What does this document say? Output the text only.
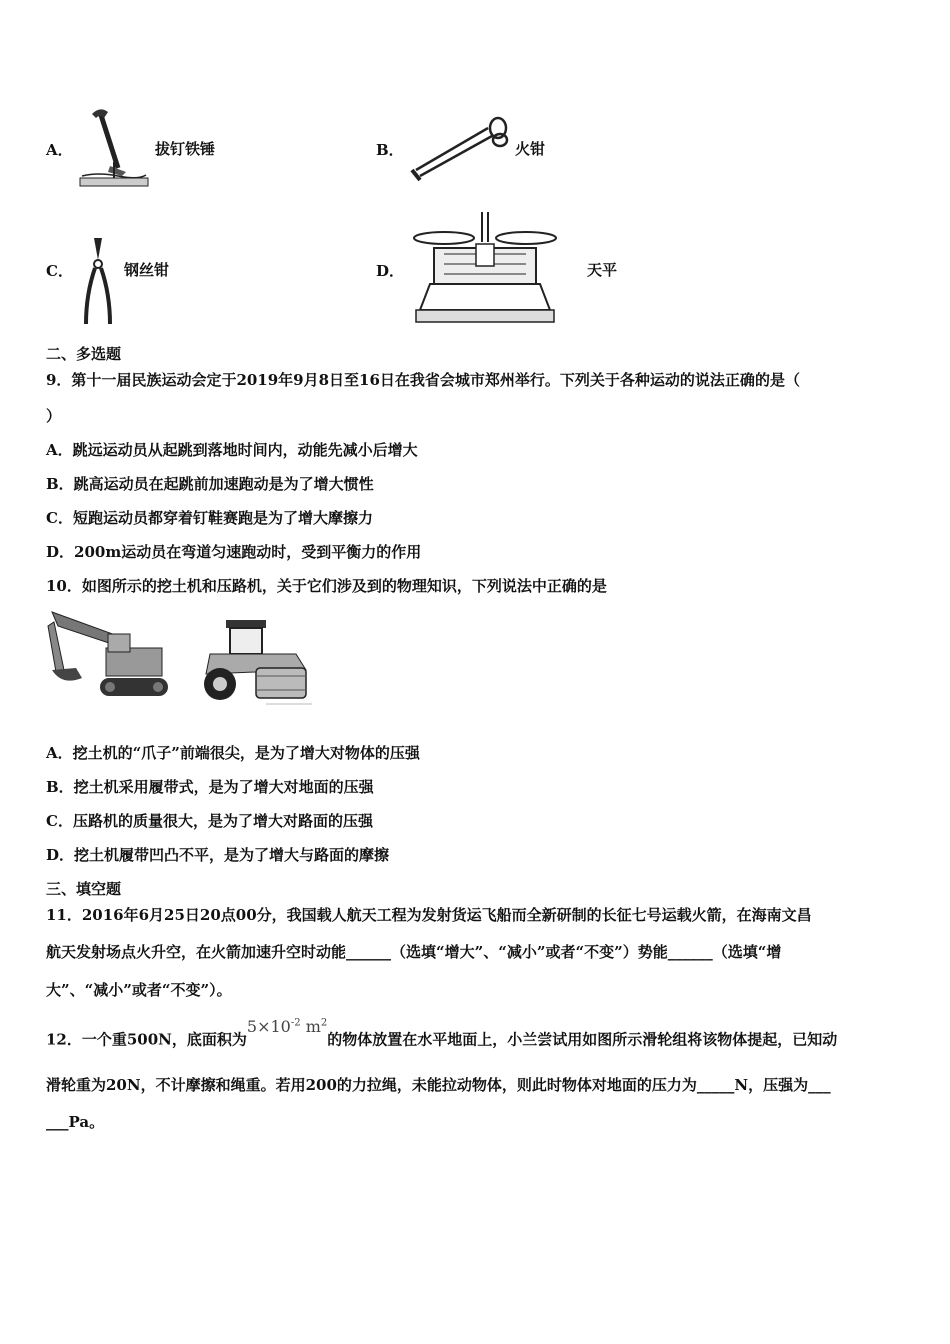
A．	拔钉铁锤	B．	火钳
C．	钢丝钳	D．	天平
二、多选题
9．第十一届民族运动会定于2019年9月8日至16日在我省会城市郑州举行。下列关于各种运动的说法正确的是（
）
A．跳远运动员从起跳到落地时间内，动能先减小后增大
B．跳高运动员在起跳前加速跑动是为了增大惯性
C．短跑运动员都穿着钉鞋赛跑是为了增大摩擦力
D．200m运动员在弯道匀速跑动时，受到平衡力的作用
10．如图所示的挖土机和压路机，关于它们涉及到的物理知识，下列说法中正确的是
A．挖土机的“爪子”前端很尖，是为了增大对物体的压强
B．挖土机采用履带式，是为了增大对地面的压强
C．压路机的质量很大，是为了增大对路面的压强
D．挖土机履带凹凸不平，是为了增大与路面的摩擦
三、填空题
11．2016年6月25日20点00分，我国载人航天工程为发射货运飞船而全新研制的长征七号运载火箭，在海南文昌
航天发射场点火升空，在火箭加速升空时动能______（选填“增大”、“减小”或者“不变”）势能______（选填“增
大”、“减小”或者“不变”）。
12．一个重500N，底面积为$5\times 10^{-2}$ $m^2$的物体放置在水平地面上，小兰尝试用如图所示滑轮组将该物体提起，已知动
滑轮重为20N，不计摩擦和绳重。若用200的力拉绳，未能拉动物体，则此时物体对地面的压力为_____N，压强为___
___Pa。
